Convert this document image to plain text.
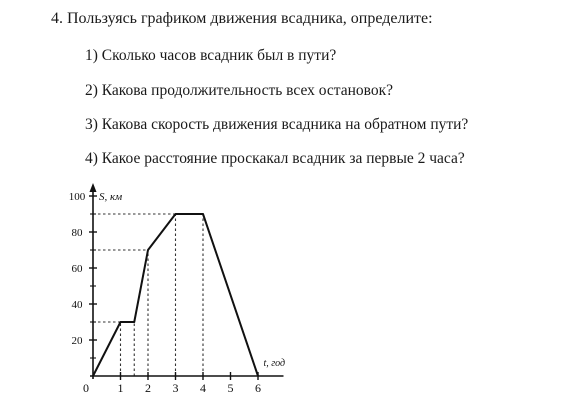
4. Пользуясь графиком движения всадника, определите:
1) Сколько часов всадник был в пути?
2) Какова продолжительность всех остановок?
3) Какова скорость движения всадника на обратном пути?
4) Какое расстояние проскакал всадник за первые 2 часа?
0 1 2 3 4 5 6
20
40
60
80
100 S, км
t, год
